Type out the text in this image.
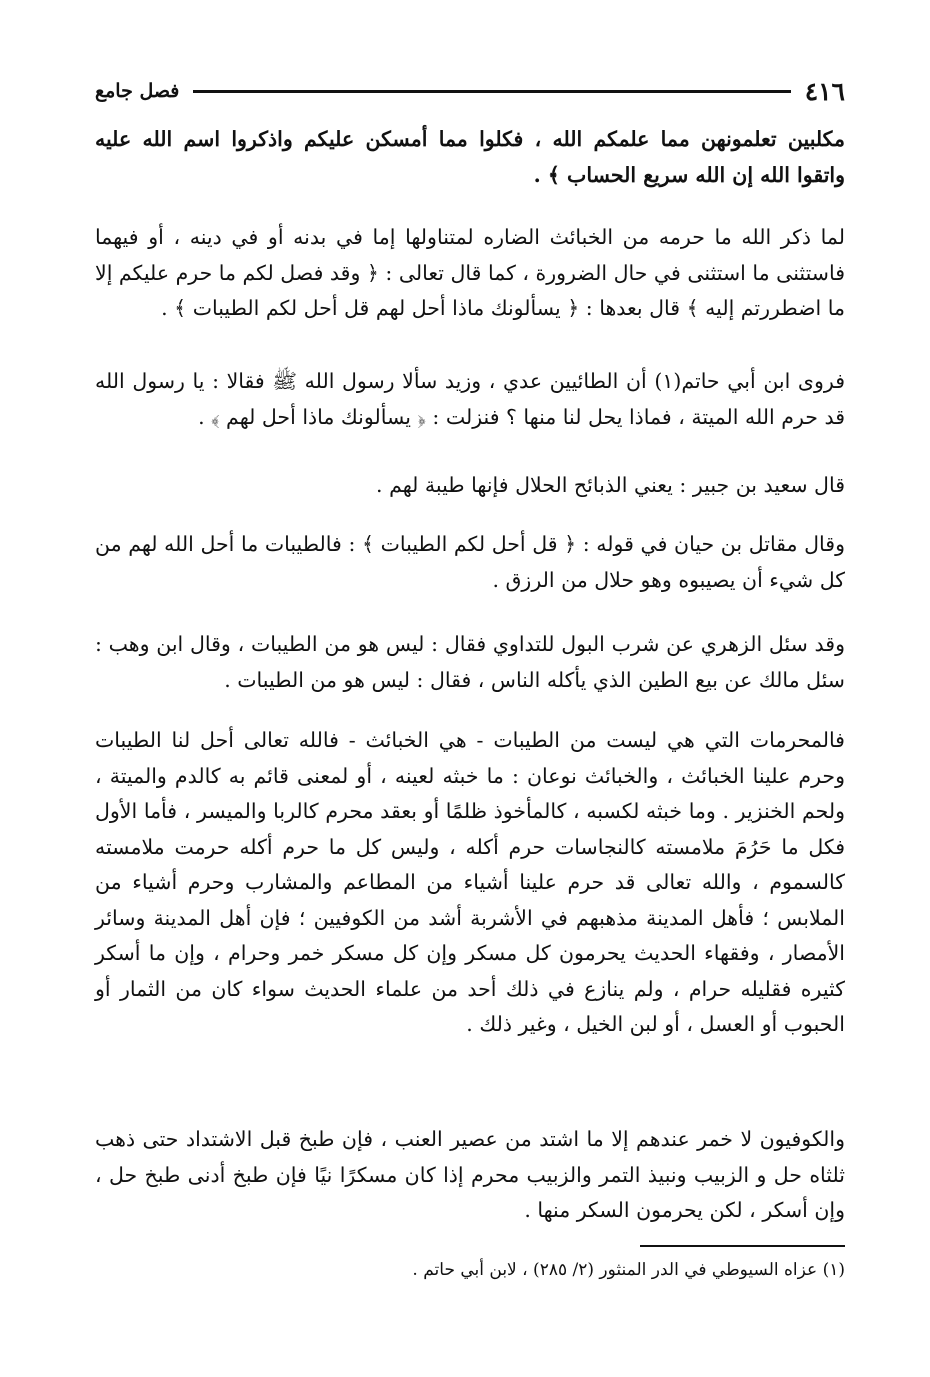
٤١٦
فصل جامع

مكلبين تعلمونهن مما علمكم الله ، فكلوا مما أمسكن عليكم واذكروا اسم الله عليه واتقوا الله إن الله سريع الحساب ﴾ .

لما ذكر الله ما حرمه من الخبائث الضاره لمتناولها إما في بدنه أو في دينه ، أو فيهما فاستثنى ما استثنى في حال الضرورة ، كما قال تعالى : ﴿ وقد فصل لكم ما حرم عليكم إلا ما اضطررتم إليه ﴾ قال بعدها : ﴿ يسألونك ماذا أحل لهم قل أحل لكم الطيبات ﴾ .

فروى ابن أبي حاتم(١) أن الطائيين عدي ، وزيد سألا رسول الله ﷺ فقالا : يا رسول الله قد حرم الله الميتة ، فماذا يحل لنا منها ؟ فنزلت : ﴿ يسألونك ماذا أحل لهم ﴾ .

قال سعيد بن جبير : يعني الذبائح الحلال فإنها طيبة لهم .

وقال مقاتل بن حيان في قوله : ﴿ قل أحل لكم الطيبات ﴾ : فالطيبات ما أحل الله لهم من كل شيء أن يصيبوه وهو حلال من الرزق .

وقد سئل الزهري عن شرب البول للتداوي فقال : ليس هو من الطيبات ، وقال ابن وهب : سئل مالك عن بيع الطين الذي يأكله الناس ، فقال : ليس هو من الطيبات .

فالمحرمات التي هي ليست من الطيبات - هي الخبائث - فالله تعالى أحل لنا الطيبات وحرم علينا الخبائث ، والخبائث نوعان : ما خبثه لعينه ، أو لمعنى قائم به كالدم والميتة ، ولحم الخنزير . وما خبثه لكسبه ، كالمأخوذ ظلمًا أو بعقد محرم كالربا والميسر ، فأما الأول فكل ما حَرُمَ ملامسته كالنجاسات حرم أكله ، وليس كل ما حرم أكله حرمت ملامسته كالسموم ، والله تعالى قد حرم علينا أشياء من المطاعم والمشارب وحرم أشياء من الملابس ؛ فأهل المدينة مذهبهم في الأشربة أشد من الكوفيين ؛ فإن أهل المدينة وسائر الأمصار ، وفقهاء الحديث يحرمون كل مسكر وإن كل مسكر خمر وحرام ، وإن ما أسكر كثيره فقليله حرام ، ولم ينازع في ذلك أحد من علماء الحديث سواء كان من الثمار أو الحبوب أو العسل ، أو لبن الخيل ، وغير ذلك .

والكوفيون لا خمر عندهم إلا ما اشتد من عصير العنب ، فإن طبخ قبل الاشتداد حتى ذهب ثلثاه حل و الزبيب ونبيذ التمر والزبيب محرم إذا كان مسكرًا نيًا فإن طبخ أدنى طبخ حل ، وإن أسكر ، لكن يحرمون السكر منها .

(١) عزاه السيوطي في الدر المنثور (٢/ ٢٨٥) ، لابن أبي حاتم .
